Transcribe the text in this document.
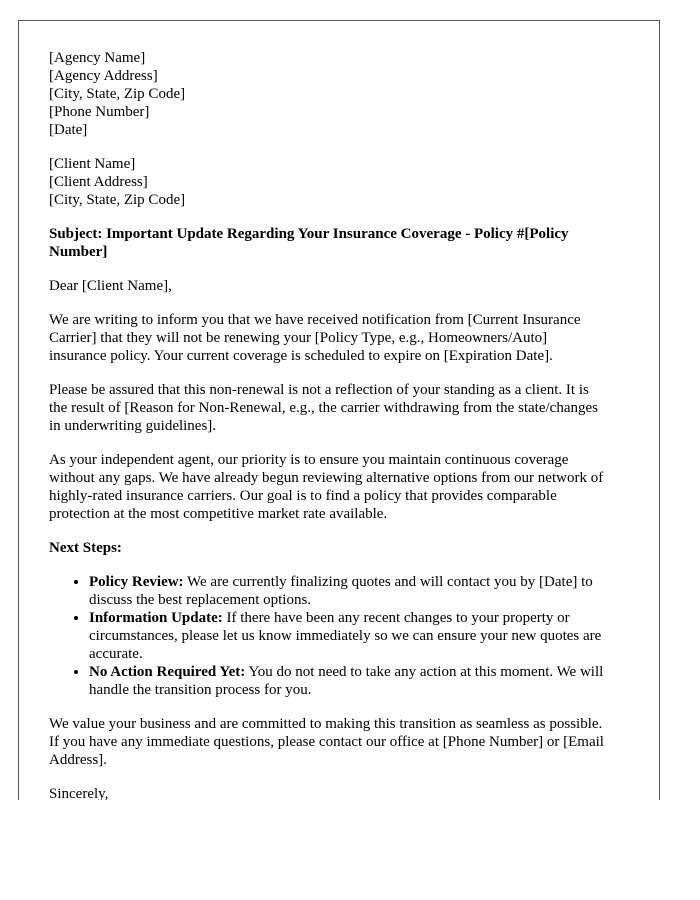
[Agency Name]
[Agency Address]
[City, State, Zip Code]
[Phone Number]
[Date]
[Client Name]
[Client Address]
[City, State, Zip Code]
Subject: Important Update Regarding Your Insurance Coverage - Policy #[Policy Number]

Dear [Client Name],

We are writing to inform you that we have received notification from [Current Insurance Carrier] that they will not be renewing your [Policy Type, e.g., Homeowners/Auto] insurance policy. Your current coverage is scheduled to expire on [Expiration Date].

Please be assured that this non-renewal is not a reflection of your standing as a client. It is the result of [Reason for Non-Renewal, e.g., the carrier withdrawing from the state/changes in underwriting guidelines].

As your independent agent, our priority is to ensure you maintain continuous coverage without any gaps. We have already begun reviewing alternative options from our network of highly-rated insurance carriers. Our goal is to find a policy that provides comparable protection at the most competitive market rate available.

Next Steps:
• Policy Review: We are currently finalizing quotes and will contact you by [Date] to discuss the best replacement options.
• Information Update: If there have been any recent changes to your property or circumstances, please let us know immediately so we can ensure your new quotes are accurate.
• No Action Required Yet: You do not need to take any action at this moment. We will handle the transition process for you.

We value your business and are committed to making this transition as seamless as possible. If you have any immediate questions, please contact our office at [Phone Number] or [Email Address].

Sincerely,
